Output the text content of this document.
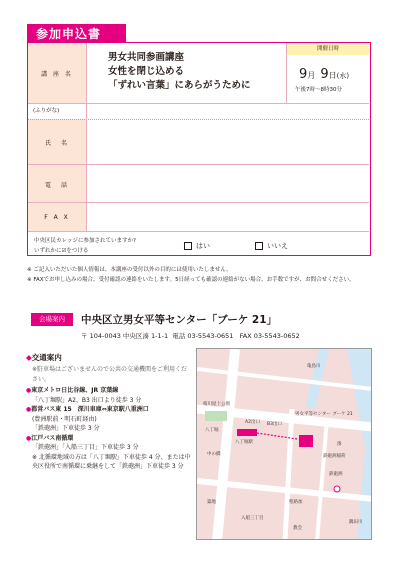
参加申込書
講 座 名
(ふりがな)
氏　名
電　話
F A X
男女共同参画講座
女性を閉じ込める
「ずれい言葉」にあらがうために
開催日時
9月 9日(水)
午後7時～8時30分
中央区民カレッジに参加されていますか?
いずれかに☑をつける
はい	いいえ
※ ご記入いただいた個人情報は、本講座の受付以外の目的には使用いたしません。
※ FAXでお申し込みの場合、受付確認の連絡をいたします。5日経っても確認の連絡がない場合、お手数ですが、お問合せください。
会場案内	中央区立男女平等センター「ブーケ 21」
〒 104-0043 中央区湊 1-1-1 電話 03-5543-0651 FAX 03-5543-0652
◆交通案内
※駐車場はございませんので公共の交通機関をご利用ください。
●東京メトロ日比谷線、JR 京葉線
「八丁堀駅」A2、B3 出口より徒歩 3 分
●都営バス東 15　深川車庫⇔東京駅八重洲口
(豊洲駅前・明石町経由)
「鉄砲洲」下車徒歩 3 分
●江戸バス南循環
「鉄砲洲」「入船三丁目」下車徒歩 3 分
※ 北循環地域の方は「八丁堀駅」下車徒歩 4 分、または中央区役所で南循環に乗継をして「鉄砲洲」下車徒歩 3 分
桜川屋上公園
八丁堀
八丁堀駅
A2出口 B3出口
男女平等センター ブーケ 21
鉄砲洲
入船三丁目
中の橋
築地
湊
聖路加
教会
鉄砲洲稲荷
亀島川
隅田川
